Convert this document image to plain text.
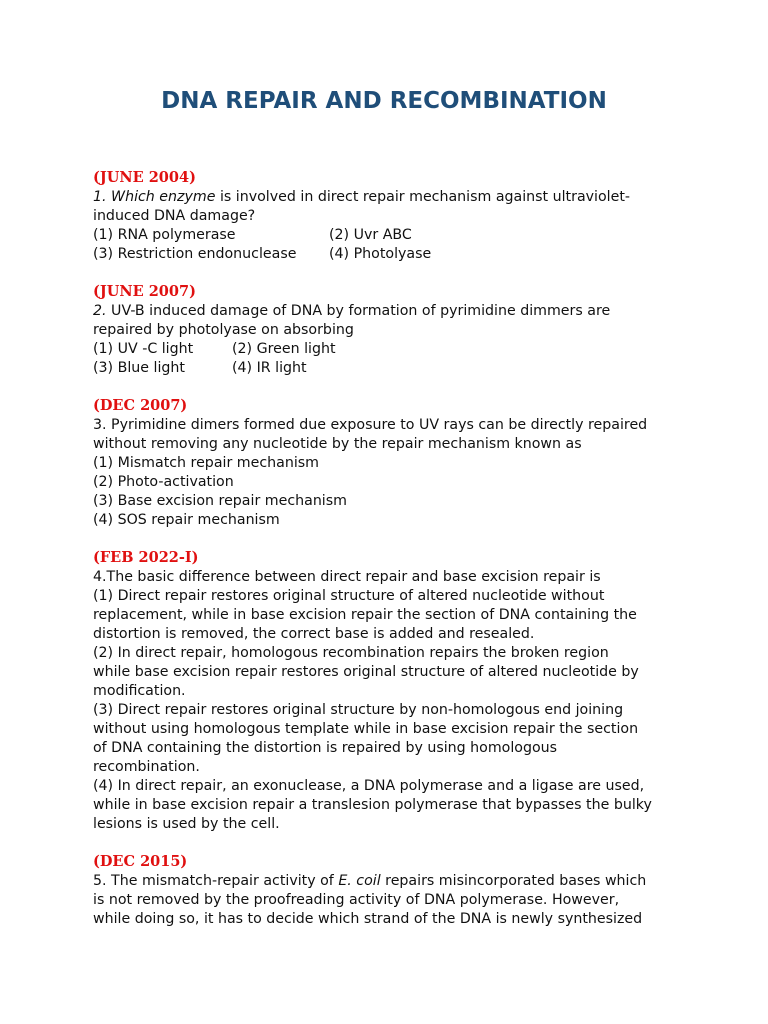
DNA REPAIR AND RECOMBINATION
(JUNE 2004)
1. Which enzyme is involved in direct repair mechanism against ultraviolet-
induced DNA damage?
(1) RNA polymerase	(2) Uvr ABC
(3) Restriction endonuclease	(4) Photolyase
(JUNE 2007)
2. UV-B induced damage of DNA by formation of pyrimidine dimmers are
repaired by photolyase on absorbing
(1) UV -C light	(2) Green light
(3) Blue light	(4) IR light
(DEC 2007)
3. Pyrimidine dimers formed due exposure to UV rays can be directly repaired
without removing any nucleotide by the repair mechanism known as
(1) Mismatch repair mechanism
(2) Photo-activation
(3) Base excision repair mechanism
(4) SOS repair mechanism
(FEB 2022-I)
4.The basic difference between direct repair and base excision repair is
(1) Direct repair restores original structure of altered nucleotide without
replacement, while in base excision repair the section of DNA containing the
distortion is removed, the correct base is added and resealed.
(2) In direct repair, homologous recombination repairs the broken region
while base excision repair restores original structure of altered nucleotide by
modification.
(3) Direct repair restores original structure by non-homologous end joining
without using homologous template while in base excision repair the section
of DNA containing the distortion is repaired by using homologous
recombination.
(4) In direct repair, an exonuclease, a DNA polymerase and a ligase are used,
while in base excision repair a translesion polymerase that bypasses the bulky
lesions is used by the cell.
(DEC 2015)
5. The mismatch-repair activity of E. coil repairs misincorporated bases which
is not removed by the proofreading activity of DNA polymerase. However,
while doing so, it has to decide which strand of the DNA is newly synthesized
